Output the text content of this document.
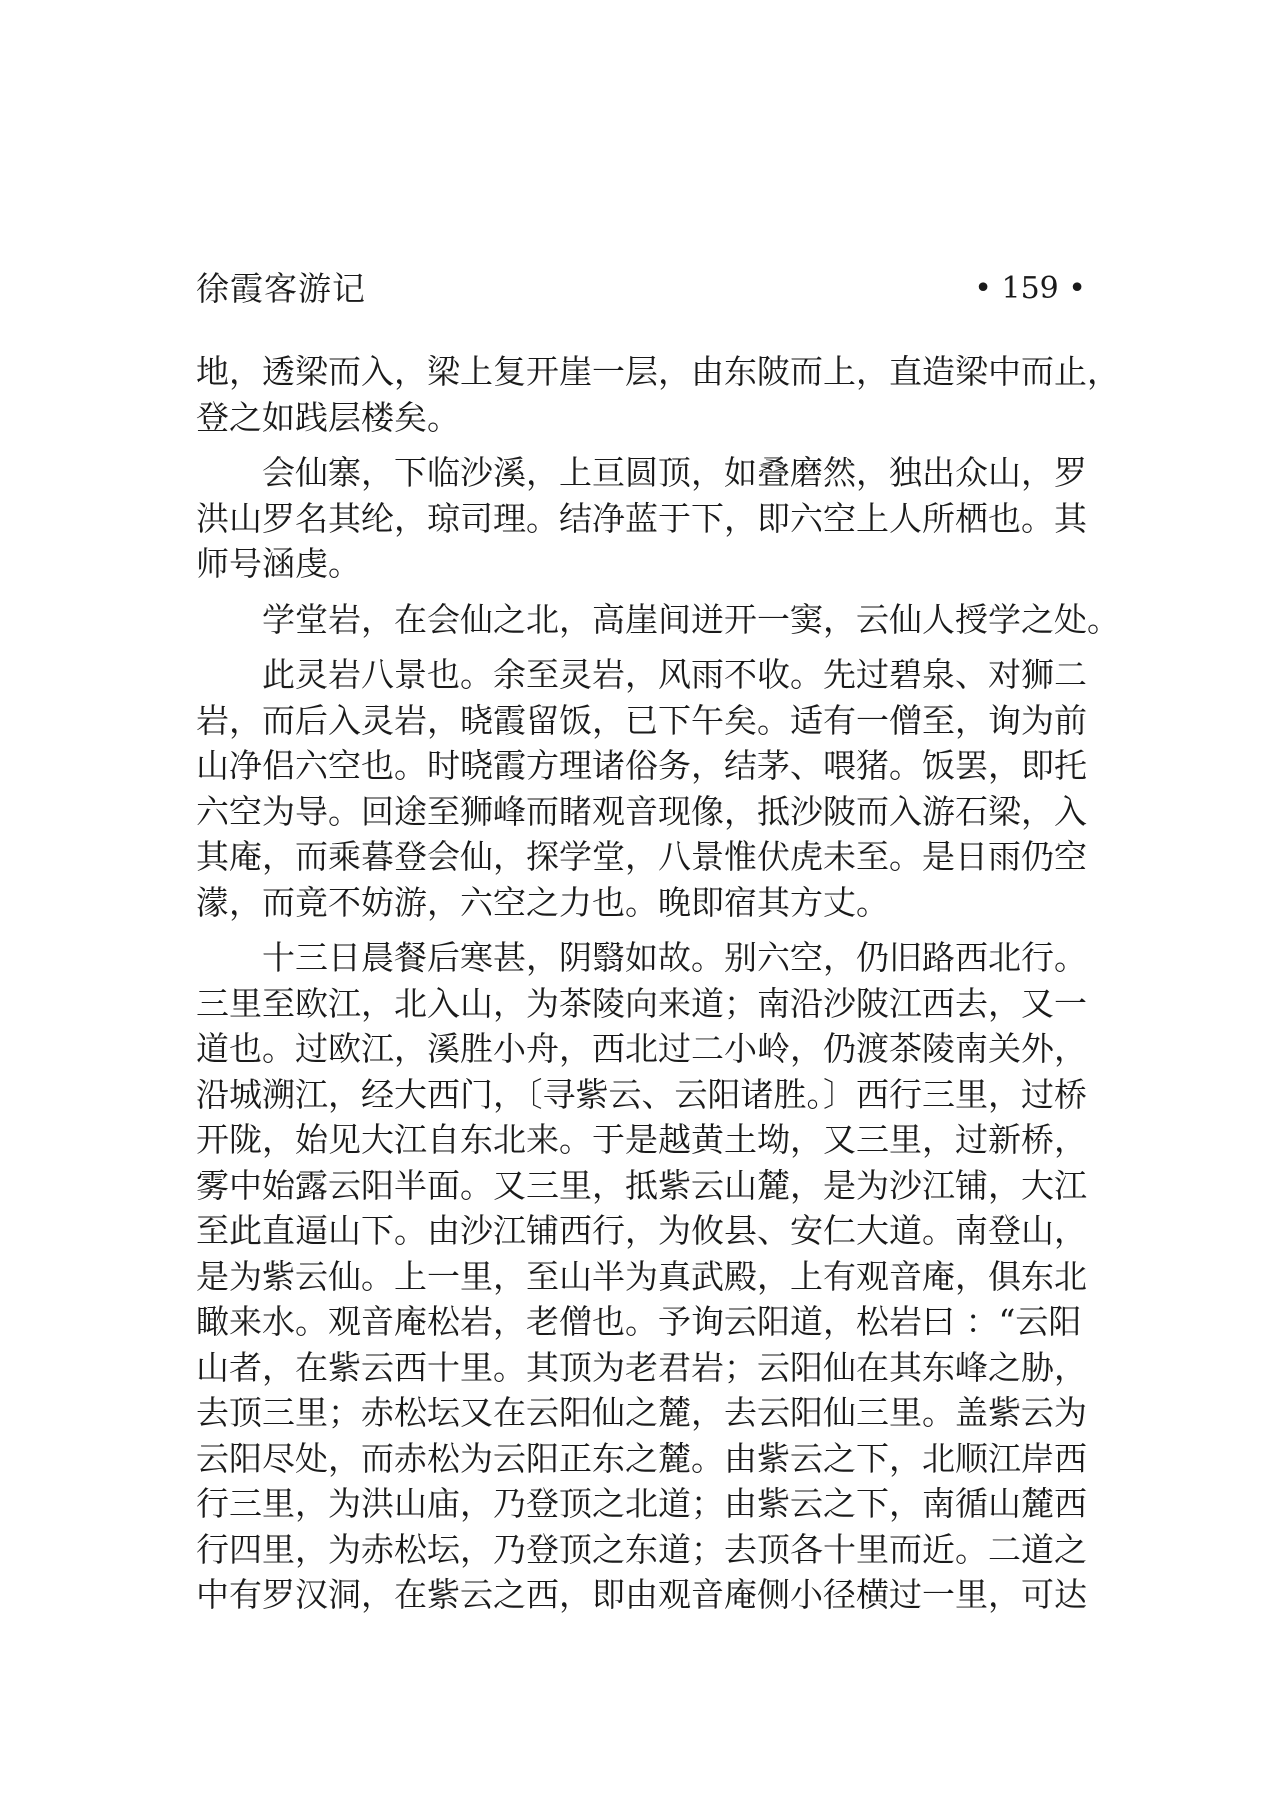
徐霞客游记	• 159 •
地，透梁而入，梁上复开崖一层，由东陂而上，直造梁中而止，
登之如践层楼矣。
会仙寨，下临沙溪，上亘圆顶，如叠磨然，独出众山，罗
洪山罗名其纶，琼司理。结净蓝于下，即六空上人所栖也。其
师号涵虔。
学堂岩，在会仙之北，高崖间迸开一窦，云仙人授学之处。
此灵岩八景也。余至灵岩，风雨不收。先过碧泉、对狮二
岩，而后入灵岩，晓霞留饭，已下午矣。适有一僧至，询为前
山净侣六空也。时晓霞方理诸俗务，结茅、喂猪。饭罢，即托
六空为导。回途至狮峰而睹观音现像，抵沙陂而入游石梁，入
其庵，而乘暮登会仙，探学堂，八景惟伏虎未至。是日雨仍空
濛，而竟不妨游，六空之力也。晚即宿其方丈。
十三日晨餐后寒甚，阴翳如故。别六空，仍旧路西北行。
三里至欧江，北入山，为茶陵向来道；南沿沙陂江西去，又一
道也。过欧江，溪胜小舟，西北过二小岭，仍渡茶陵南关外，
沿城溯江，经大西门，〔寻紫云、云阳诸胜。〕西行三里，过桥
开陇，始见大江自东北来。于是越黄土坳，又三里，过新桥，
雾中始露云阳半面。又三里，抵紫云山麓，是为沙江铺，大江
至此直逼山下。由沙江铺西行，为攸县、安仁大道。南登山，
是为紫云仙。上一里，至山半为真武殿，上有观音庵，俱东北
瞰来水。观音庵松岩，老僧也。予询云阳道，松岩曰 ：“云阳
山者，在紫云西十里。其顶为老君岩；云阳仙在其东峰之胁，
去顶三里；赤松坛又在云阳仙之麓，去云阳仙三里。盖紫云为
云阳尽处，而赤松为云阳正东之麓。由紫云之下，北顺江岸西
行三里，为洪山庙，乃登顶之北道；由紫云之下，南循山麓西
行四里，为赤松坛，乃登顶之东道；去顶各十里而近。二道之
中有罗汉洞，在紫云之西，即由观音庵侧小径横过一里，可达
